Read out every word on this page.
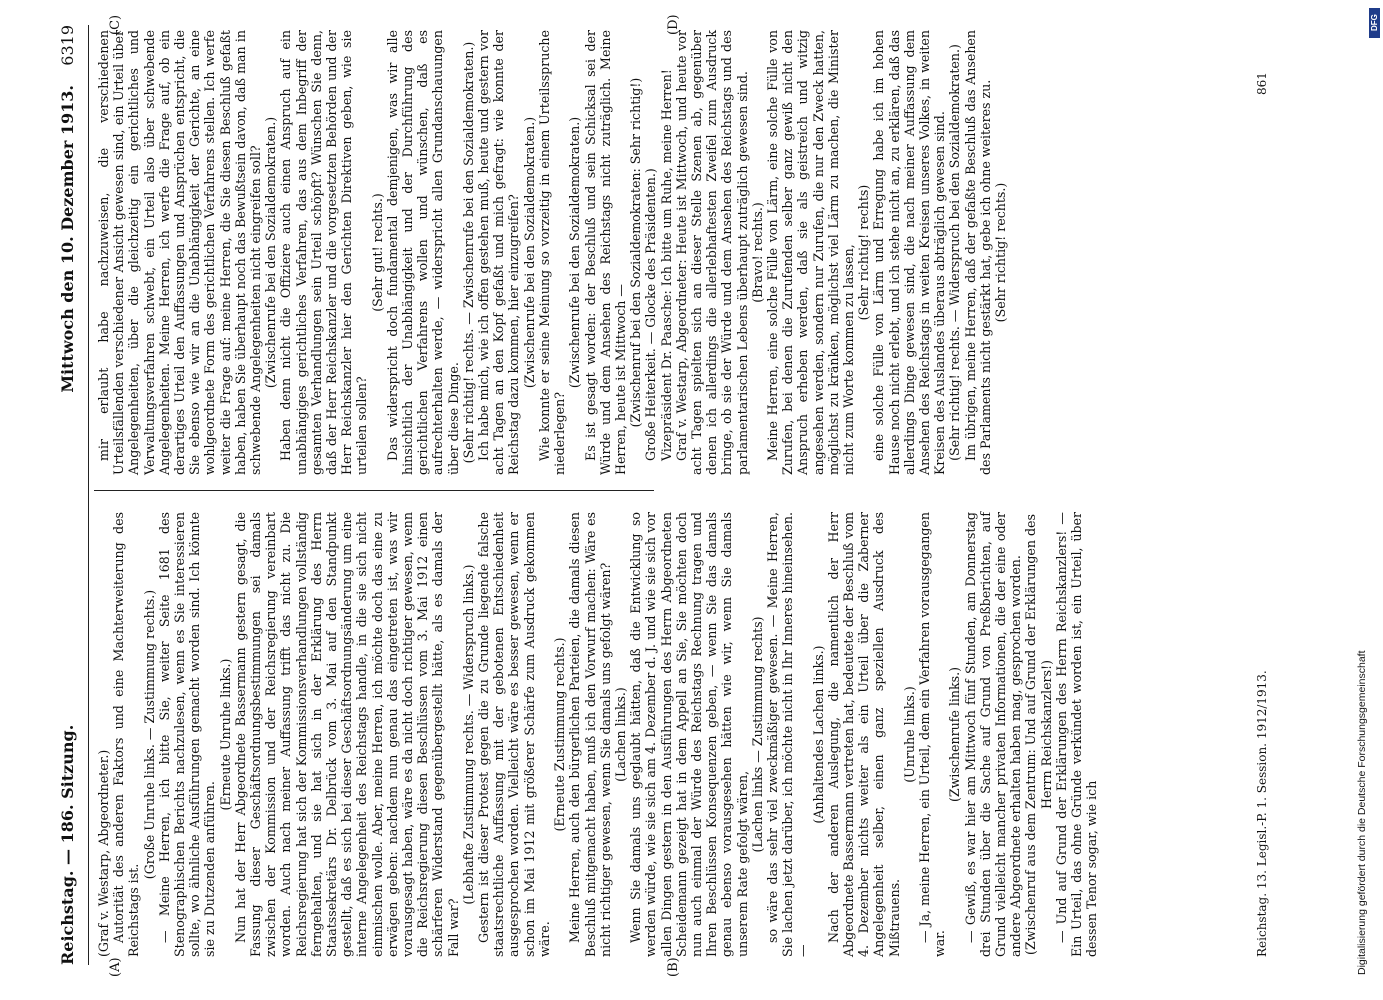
Reichstag. — 186. Sitzung.
Mittwoch den 10. Dezember 1913.
6319
(A)	(B)
(C)	(D)

(Graf v. Westarp, Abgeordneter.) Autorität des anderen Faktors und eine Machterweiterung des Reichstags ist.

(Große Unruhe links. — Zustimmung rechts.) — Meine Herren, ich bitte Sie, weiter Seite 1681 des Stenographischen Berichts nachzulesen, wenn es Sie interessieren sollte, wo ähnliche Ausführungen gemacht worden sind. Ich könnte sie zu Dutzenden anführen.

(Erneute Unruhe links.) Nun hat der Herr Abgeordnete Bassermann gestern gesagt, die Fassung dieser Geschäftsordnungsbestimmungen sei damals zwischen der Kommission und der Reichsregierung vereinbart worden. Auch nach meiner Auffassung trifft das nicht zu. Die Reichsregierung hat sich der Kommissionsverhandlungen vollständig ferngehalten, und sie hat sich in der Erklärung des Herrn Staatssekretärs Dr. Delbrück vom 3. Mai auf den Standpunkt gestellt, daß es sich bei dieser Geschäftsordnungsänderung um eine interne Angelegenheit des Reichstags handle, in die sie sich nicht einmischen wolle. Aber, meine Herren, ich möchte doch das eine zu erwägen geben: nachdem nun genau das eingetreten ist, was wir vorausgesagt haben, wäre es da nicht doch richtiger gewesen, wenn die Reichsregierung diesen Beschlüssen vom 3. Mai 1912 einen schärferen Widerstand gegenübergestellt hätte, als es damals der Fall war?

(Lebhafte Zustimmung rechts. — Widerspruch links.) Gestern ist dieser Protest gegen die zu Grunde liegende falsche staatsrechtliche Auffassung mit der gebotenen Entschiedenheit ausgesprochen worden. Vielleicht wäre es besser gewesen, wenn er schon im Mai 1912 mit größerer Schärfe zum Ausdruck gekommen wäre.

(Erneute Zustimmung rechts.) Meine Herren, auch den bürgerlichen Parteien, die damals diesen Beschluß mitgemacht haben, muß ich den Vorwurf machen: Wäre es nicht richtiger gewesen, wenn Sie damals uns gefolgt wären? (Lachen links.) Wenn Sie damals uns geglaubt hätten, daß die Entwicklung so werden würde, wie sie sich am 4. Dezember d. J. und wie sie sich vor allen Dingen gestern in den Ausführungen des Herrn Abgeordneten Scheidemann gezeigt hat in dem Appell an Sie, Sie möchten doch nun auch einmal der Würde des Reichstags Rechnung tragen und Ihren Beschlüssen Konsequenzen geben, — wenn Sie das damals genau ebenso vorausgesehen hätten wie wir, wenn Sie damals unserem Rate gefolgt wären,

(Lachen links — Zustimmung rechts) so wäre das sehr viel zweckmäßiger gewesen. — Meine Herren, Sie lachen jetzt darüber, ich möchte nicht in Ihr Inneres hineinsehen. —

(Anhaltendes Lachen links.) Nach der anderen Auslegung, die namentlich der Herr Abgeordnete Bassermann vertreten hat, bedeutete der Beschluß vom 4. Dezember nichts weiter als ein Urteil über die Zaberner Angelegenheit selber, einen ganz speziellen Ausdruck des Mißtrauens.

(Unruhe links.) — Ja, meine Herren, ein Urteil, dem ein Verfahren vorausgegangen war.

(Zwischenrufe links.) — Gewiß, es war hier am Mittwoch fünf Stunden, am Donnerstag drei Stunden über die Sache auf Grund von Preßberichten, auf Grund vielleicht mancher privaten Informationen, die der eine oder andere Abgeordnete erhalten haben mag, gesprochen worden. (Zwischenruf aus dem Zentrum: Und auf Grund der Erklärungen des Herrn Reichskanzlers!) — Und auf Grund der Erklärungen des Herrn Reichskanzlers! — Ein Urteil, das ohne Gründe verkündet worden ist, ein Urteil, über dessen Tenor sogar, wie ich

mir erlaubt habe nachzuweisen, die verschiedenen Urteilsfällenden verschiedener Ansicht gewesen sind, ein Urteil über Angelegenheiten, über die gleichzeitig ein gerichtliches und Verwaltungsverfahren schwebt, ein Urteil also über schwebende Angelegenheiten. Meine Herren, ich werfe die Frage auf, ob ein derartiges Urteil den Auffassungen und Ansprüchen entspricht, die Sie ebenso wie wir an die Unabhängigkeit der Gerichte, an eine wohlgeordnete Form des gerichtlichen Verfahrens stellen. Ich werfe weiter die Frage auf: meine Herren, die Sie diesen Beschluß gefaßt haben, haben Sie überhaupt noch das Bewußtsein davon, daß man in schwebende Angelegenheiten nicht eingreifen soll? (Zwischenrufe bei den Sozialdemokraten.) Haben denn nicht die Offiziere auch einen Anspruch auf ein unabhängiges gerichtliches Verfahren, das aus dem Inbegriff der gesamten Verhandlungen sein Urteil schöpft? Wünschen Sie denn, daß der Herr Reichskanzler und die vorgesetzten Behörden und der Herr Reichskanzler hier den Gerichten Direktiven geben, wie sie urteilen sollen?

(Sehr gut! rechts.) Das widerspricht doch fundamental demjenigen, was wir alle hinsichtlich der Unabhängigkeit und der Durchführung des gerichtlichen Verfahrens wollen und wünschen, daß es aufrechterhalten werde, — widerspricht allen Grundanschauungen über diese Dinge. (Sehr richtig! rechts. — Zwischenrufe bei den Sozialdemokraten.) Ich habe mich, wie ich offen gestehen muß, heute und gestern vor acht Tagen an den Kopf gefaßt und mich gefragt: wie konnte der Reichstag dazu kommen, hier einzugreifen? (Zwischenrufe bei den Sozialdemokraten.) Wie konnte er seine Meinung so vorzeitig in einem Urteilsspruche niederlegen?

(Zwischenrufe bei den Sozialdemokraten.) Es ist gesagt worden: der Beschluß und sein Schicksal sei der Würde und dem Ansehen des Reichstags nicht zuträglich. Meine Herren, heute ist Mittwoch — (Zwischenruf bei den Sozialdemokraten: Sehr richtig!) Große Heiterkeit. — Glocke des Präsidenten.) Vizepräsident Dr. Paasche: Ich bitte um Ruhe, meine Herren! Graf v. Westarp, Abgeordneter: Heute ist Mittwoch, und heute vor acht Tagen spielten sich an dieser Stelle Szenen ab, gegenüber denen ich allerdings die allerlebhaftesten Zweifel zum Ausdruck bringe, ob sie der Würde und dem Ansehen des Reichstags und des parlamentarischen Lebens überhaupt zuträglich gewesen sind. (Bravo! rechts.) Meine Herren, eine solche Fülle von Lärm, eine solche Fülle von Zurufen, bei denen die Zurufenden selber ganz gewiß nicht den Anspruch erheben werden, daß sie als geistreich und witzig angesehen werden, sondern nur Zurufen, die nur den Zweck hatten, möglichst zu kränken, möglichst viel Lärm zu machen, die Minister nicht zum Worte kommen zu lassen, (Sehr richtig! rechts) eine solche Fülle von Lärm und Erregung habe ich im hohen Hause noch nicht erlebt, und ich stehe nicht an, zu erklären, daß das allerdings Dinge gewesen sind, die nach meiner Auffassung dem Ansehen des Reichstags in weiten Kreisen unseres Volkes, in weiten Kreisen des Auslandes überaus abträglich gewesen sind. (Sehr richtig! rechts. — Widerspruch bei den Sozialdemokraten.) Im übrigen, meine Herren, daß der gefaßte Beschluß das Ansehen des Parlaments nicht gestärkt hat, gebe ich ohne weiteres zu. (Sehr richtig! rechts.)

Reichstag. 13. Legisl.-P. 1. Session. 1912/1913.
861
DFG
Digitalisierung gefördert durch die Deutsche Forschungsgemeinschaft
